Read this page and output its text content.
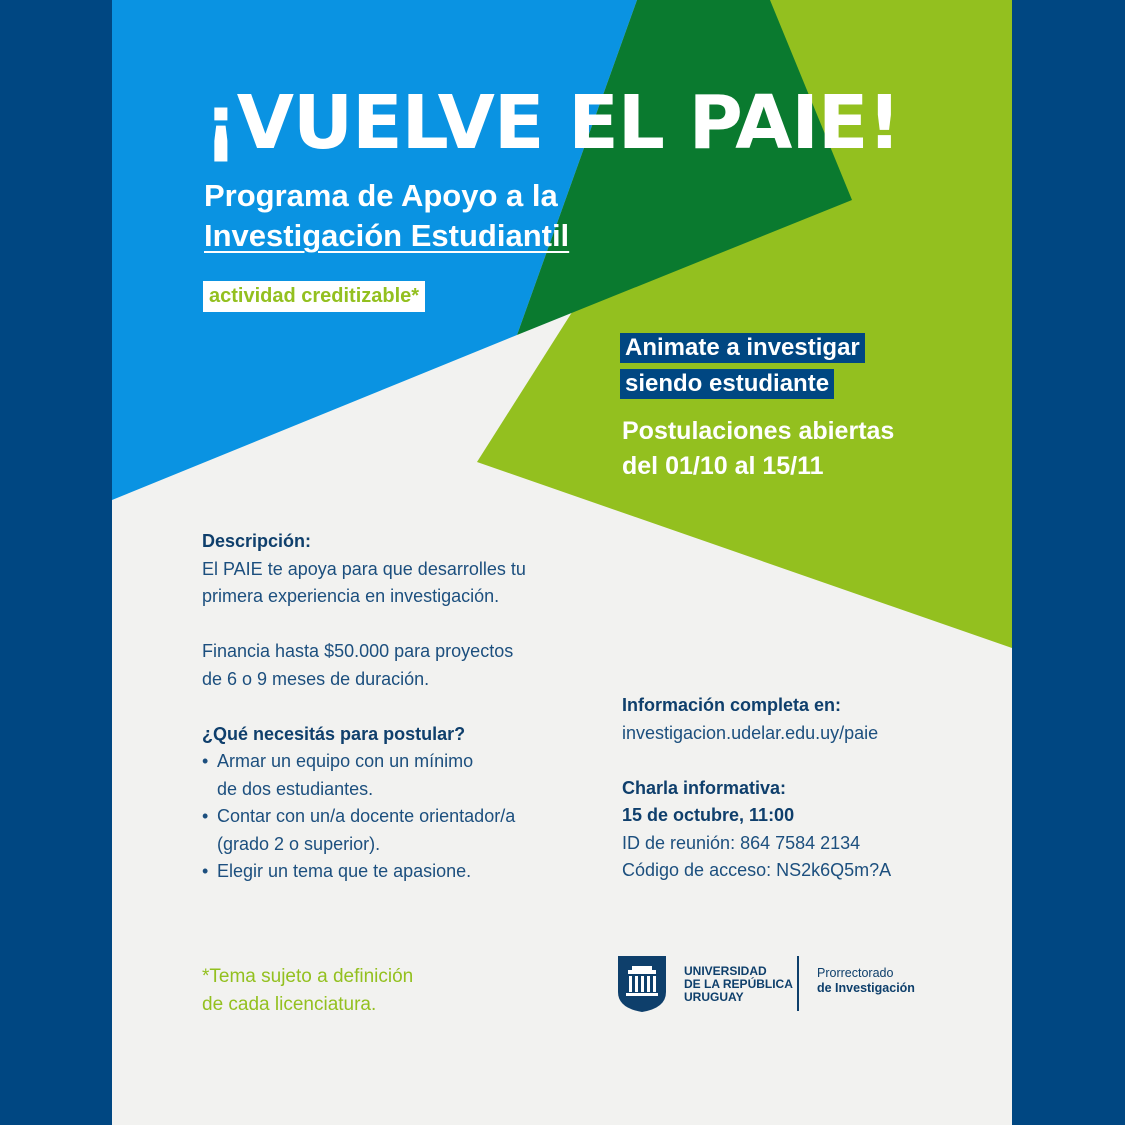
¡VUELVE EL PAIE!
Programa de Apoyo a la
Investigación Estudiantil
actividad creditizable*
Animate a investigar
siendo estudiante
Postulaciones abiertas
del 01/10 al 15/11
Descripción:
El PAIE te apoya para que desarrolles tu
primera experiencia en investigación.
Financia hasta $50.000 para proyectos
de 6 o 9 meses de duración.
¿Qué necesitás para postular?
• Armar un equipo con un mínimo
de dos estudiantes.
• Contar con un/a docente orientador/a
(grado 2 o superior).
• Elegir un tema que te apasione.
Información completa en:
investigacion.udelar.edu.uy/paie
Charla informativa:
15 de octubre, 11:00
ID de reunión: 864 7584 2134
Código de acceso: NS2k6Q5m?A
*Tema sujeto a definición
de cada licenciatura.
UNIVERSIDAD
DE LA REPÚBLICA
URUGUAY
Prorrectorado
de Investigación
